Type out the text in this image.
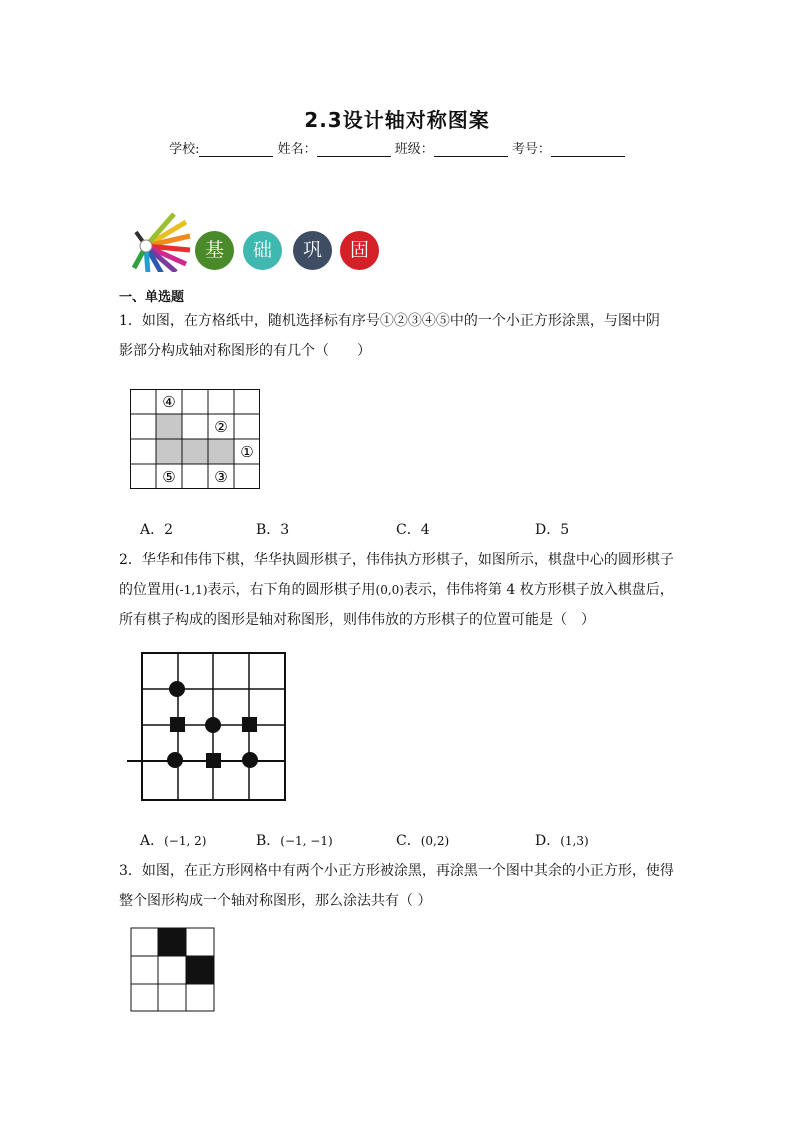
2.3设计轴对称图案
学校:	姓名：	班级：	考号：
基	础	巩	固
一、单选题
1．如图，在方格纸中，随机选择标有序号①②③④⑤中的一个小正方形涂黑，与图中阴
影部分构成轴对称图形的有几个（　　）
④
②
①
⑤	③
A．2	B．3	C．4	D．5
2．华华和伟伟下棋，华华执圆形棋子，伟伟执方形棋子，如图所示，棋盘中心的圆形棋子
的位置用(-1,1)表示，右下角的圆形棋子用(0,0)表示，伟伟将第 4 枚方形棋子放入棋盘后，
所有棋子构成的图形是轴对称图形，则伟伟放的方形棋子的位置可能是（　）
A．(−1, 2)	B．(−1, −1)	C．(0,2)	D．(1,3)
3．如图，在正方形网格中有两个小正方形被涂黑，再涂黑一个图中其余的小正方形，使得
整个图形构成一个轴对称图形，那么涂法共有（ ）
